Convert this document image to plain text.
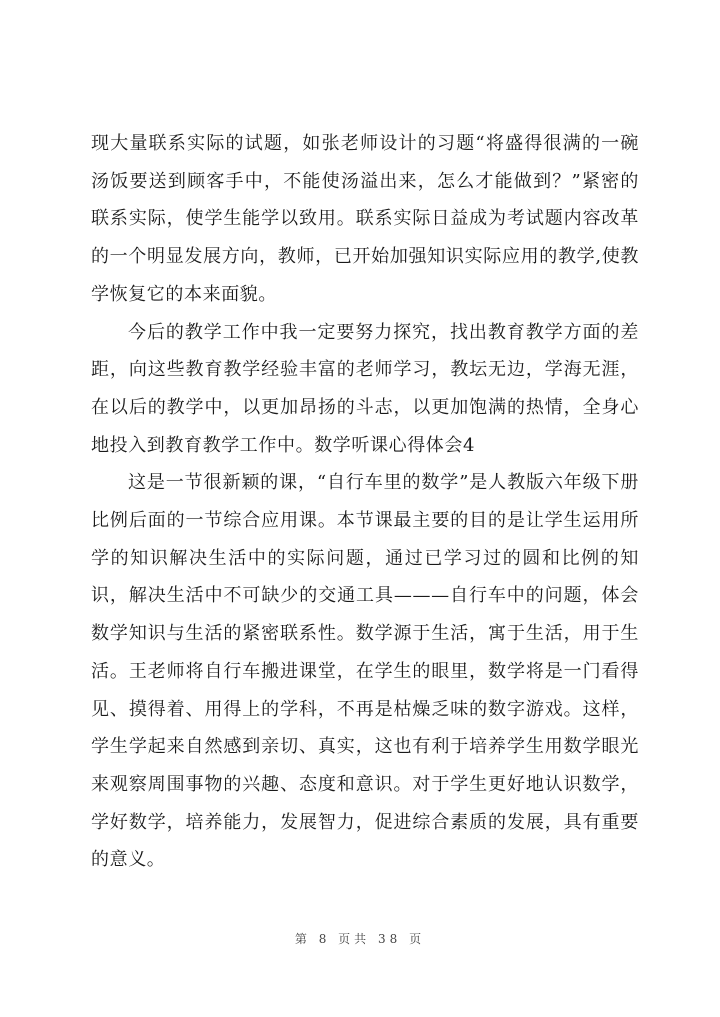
现大量联系实际的试题，如张老师设计的习题“将盛得很满的一碗汤饭要送到顾客手中，不能使汤溢出来，怎么才能做到？”紧密的联系实际，使学生能学以致用。联系实际日益成为考试题内容改革的一个明显发展方向，教师，已开始加强知识实际应用的教学,使教学恢复它的本来面貌。

今后的教学工作中我一定要努力探究，找出教育教学方面的差距，向这些教育教学经验丰富的老师学习，教坛无边，学海无涯，在以后的教学中，以更加昂扬的斗志，以更加饱满的热情，全身心地投入到教育教学工作中。数学听课心得体会4

这是一节很新颖的课，“自行车里的数学”是人教版六年级下册比例后面的一节综合应用课。本节课最主要的目的是让学生运用所学的知识解决生活中的实际问题，通过已学习过的圆和比例的知识，解决生活中不可缺少的交通工具———自行车中的问题，体会数学知识与生活的紧密联系性。数学源于生活，寓于生活，用于生活。王老师将自行车搬进课堂，在学生的眼里，数学将是一门看得见、摸得着、用得上的学科，不再是枯燥乏味的数字游戏。这样，学生学起来自然感到亲切、真实，这也有利于培养学生用数学眼光来观察周围事物的兴趣、态度和意识。对于学生更好地认识数学，学好数学，培养能力，发展智力，促进综合素质的发展，具有重要的意义。

第 8 页共 38 页
